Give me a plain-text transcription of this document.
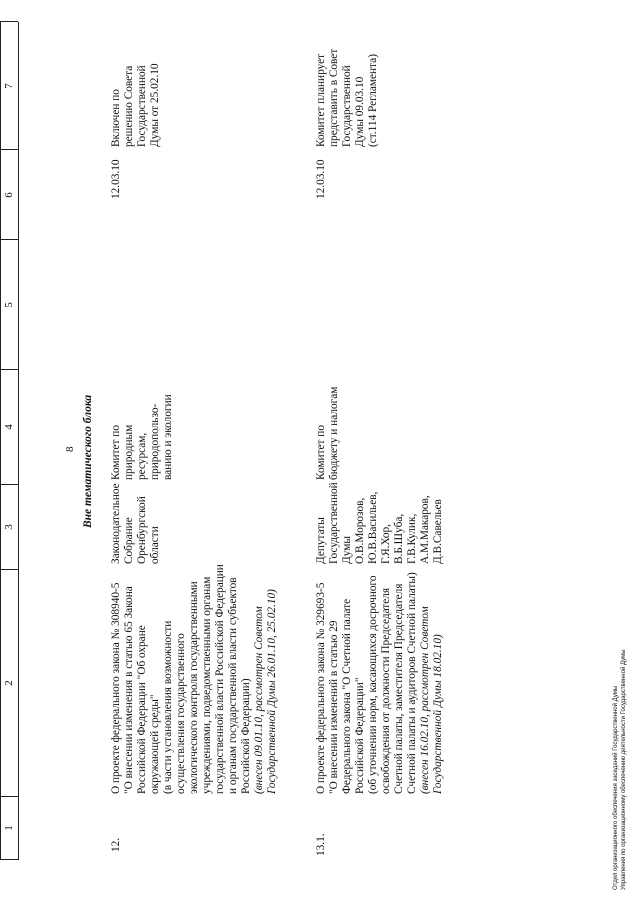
8
1
2
3
4
5
6
7
Вне тематического блока
12.
О проекте федерального закона № 308940-5 "О внесении изменения в статью 65 Закона Российской Федерации "Об охране окружающей среды" (в части установления возможности осуществления государственного экологического контроля государственными учреждениями, подведомственными органам государственной власти Российской Федерации и органам государственной власти субъектов Российской Федерации) (внесен 09.01.10, рассмотрен Советом Государственной Думы 26.01.10, 25.02.10)
Законодательное Собрание Оренбургской области
Комитет по природным ресурсам, природопользо- ванию и экологии
12.03.10
Включен по решению Совета Государственной Думы от 25.02.10
13.1.
О проекте федерального закона № 329693-5 "О внесении изменений в статью 29 Федерального закона "О Счетной палате Российской Федерации" (об уточнении норм, касающихся досрочного освобождения от должности Председателя Счетной палаты, заместителя Председателя Счетной палаты и аудиторов Счетной палаты) (внесен 16.02.10, рассмотрен Советом Государственной Думы 18.02.10)
Депутаты Государственной Думы О.В.Морозов, Ю.В.Васильев, Г.Я.Хор, В.Б.Шуба, Г.В.Кулик, А.М.Макаров, Д.В.Савельев
Комитет по бюджету и налогам
12.03.10
Комитет планирует представить в Совет Государственной Думы 09.03.10 (ст.114 Регламента)
Отдел организационного обеспечения заседаний Государственной Думы Управления по организационному обеспечению деятельности Государственной Думы
